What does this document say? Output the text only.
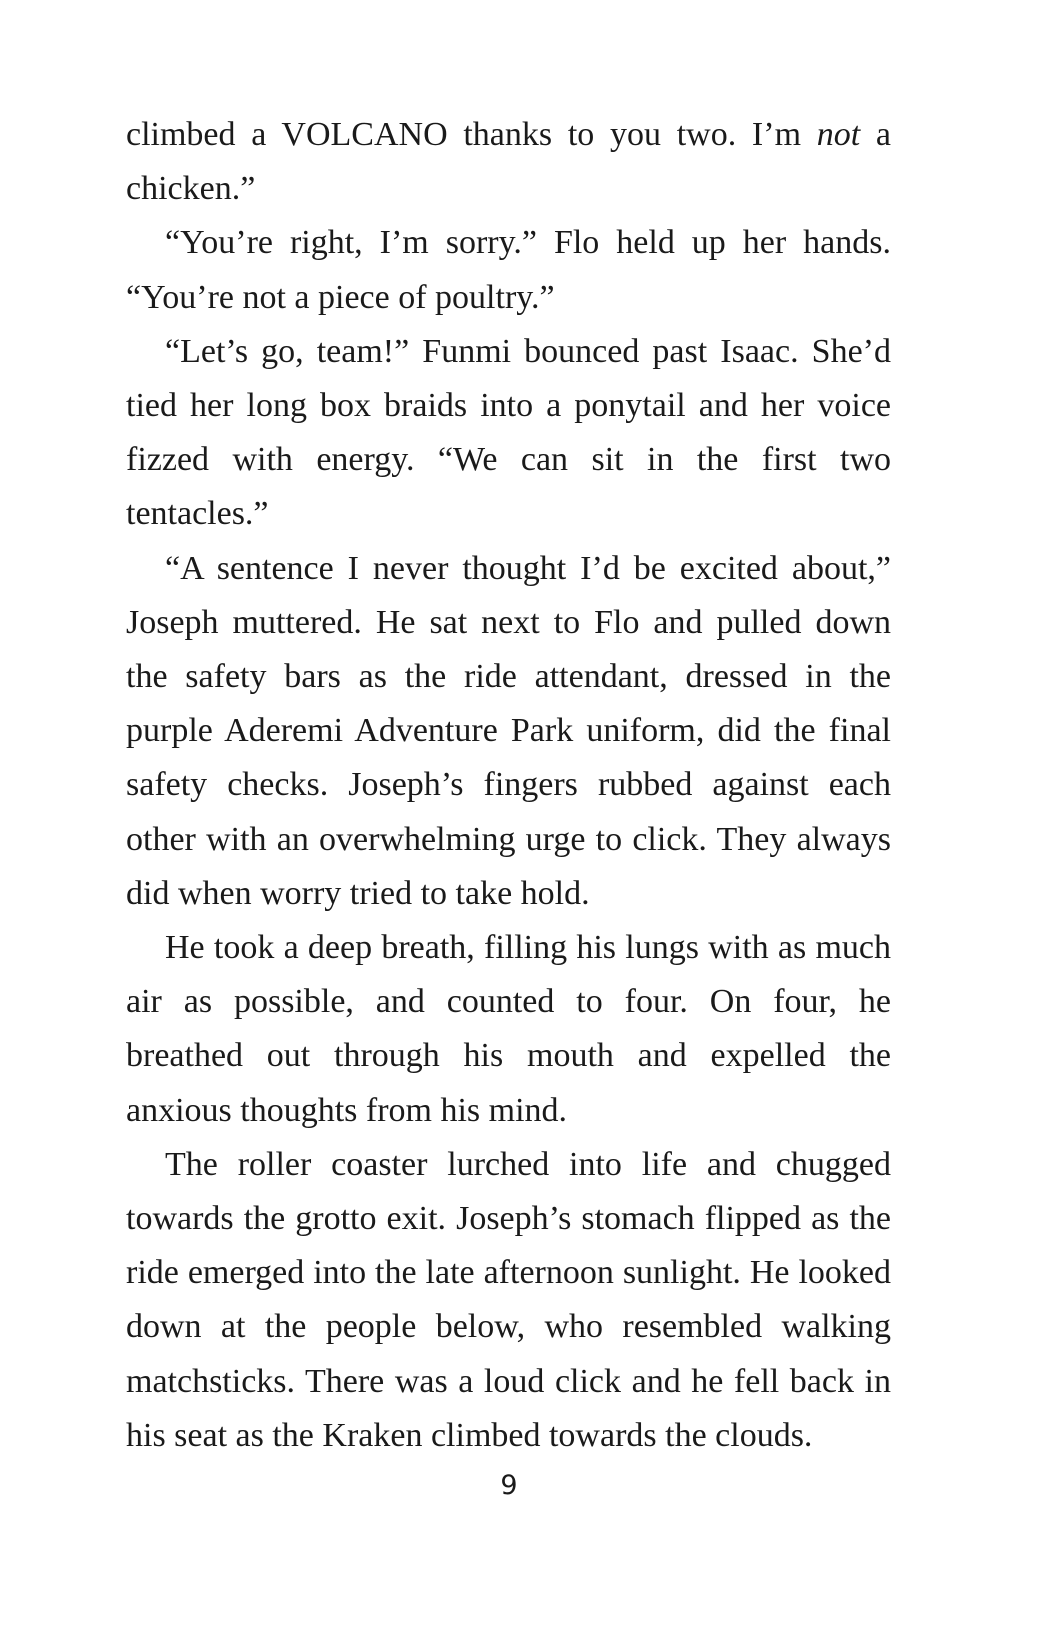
climbed a VOLCANO thanks to you two. I’m not a chicken.”

“You’re right, I’m sorry.” Flo held up her hands. “You’re not a piece of poultry.”

“Let’s go, team!” Funmi bounced past Isaac. She’d tied her long box braids into a ponytail and her voice fizzed with energy. “We can sit in the first two tentacles.”

“A sentence I never thought I’d be excited about,” Joseph muttered. He sat next to Flo and pulled down the safety bars as the ride attendant, dressed in the purple Aderemi Adventure Park uniform, did the final safety checks. Joseph’s fingers rubbed against each other with an overwhelming urge to click. They always did when worry tried to take hold.

He took a deep breath, filling his lungs with as much air as possible, and counted to four. On four, he breathed out through his mouth and expelled the anxious thoughts from his mind.

The roller coaster lurched into life and chugged towards the grotto exit. Joseph’s stomach flipped as the ride emerged into the late afternoon sunlight. He looked down at the people below, who resembled walking matchsticks. There was a loud click and he fell back in his seat as the Kraken climbed towards the clouds.

9
